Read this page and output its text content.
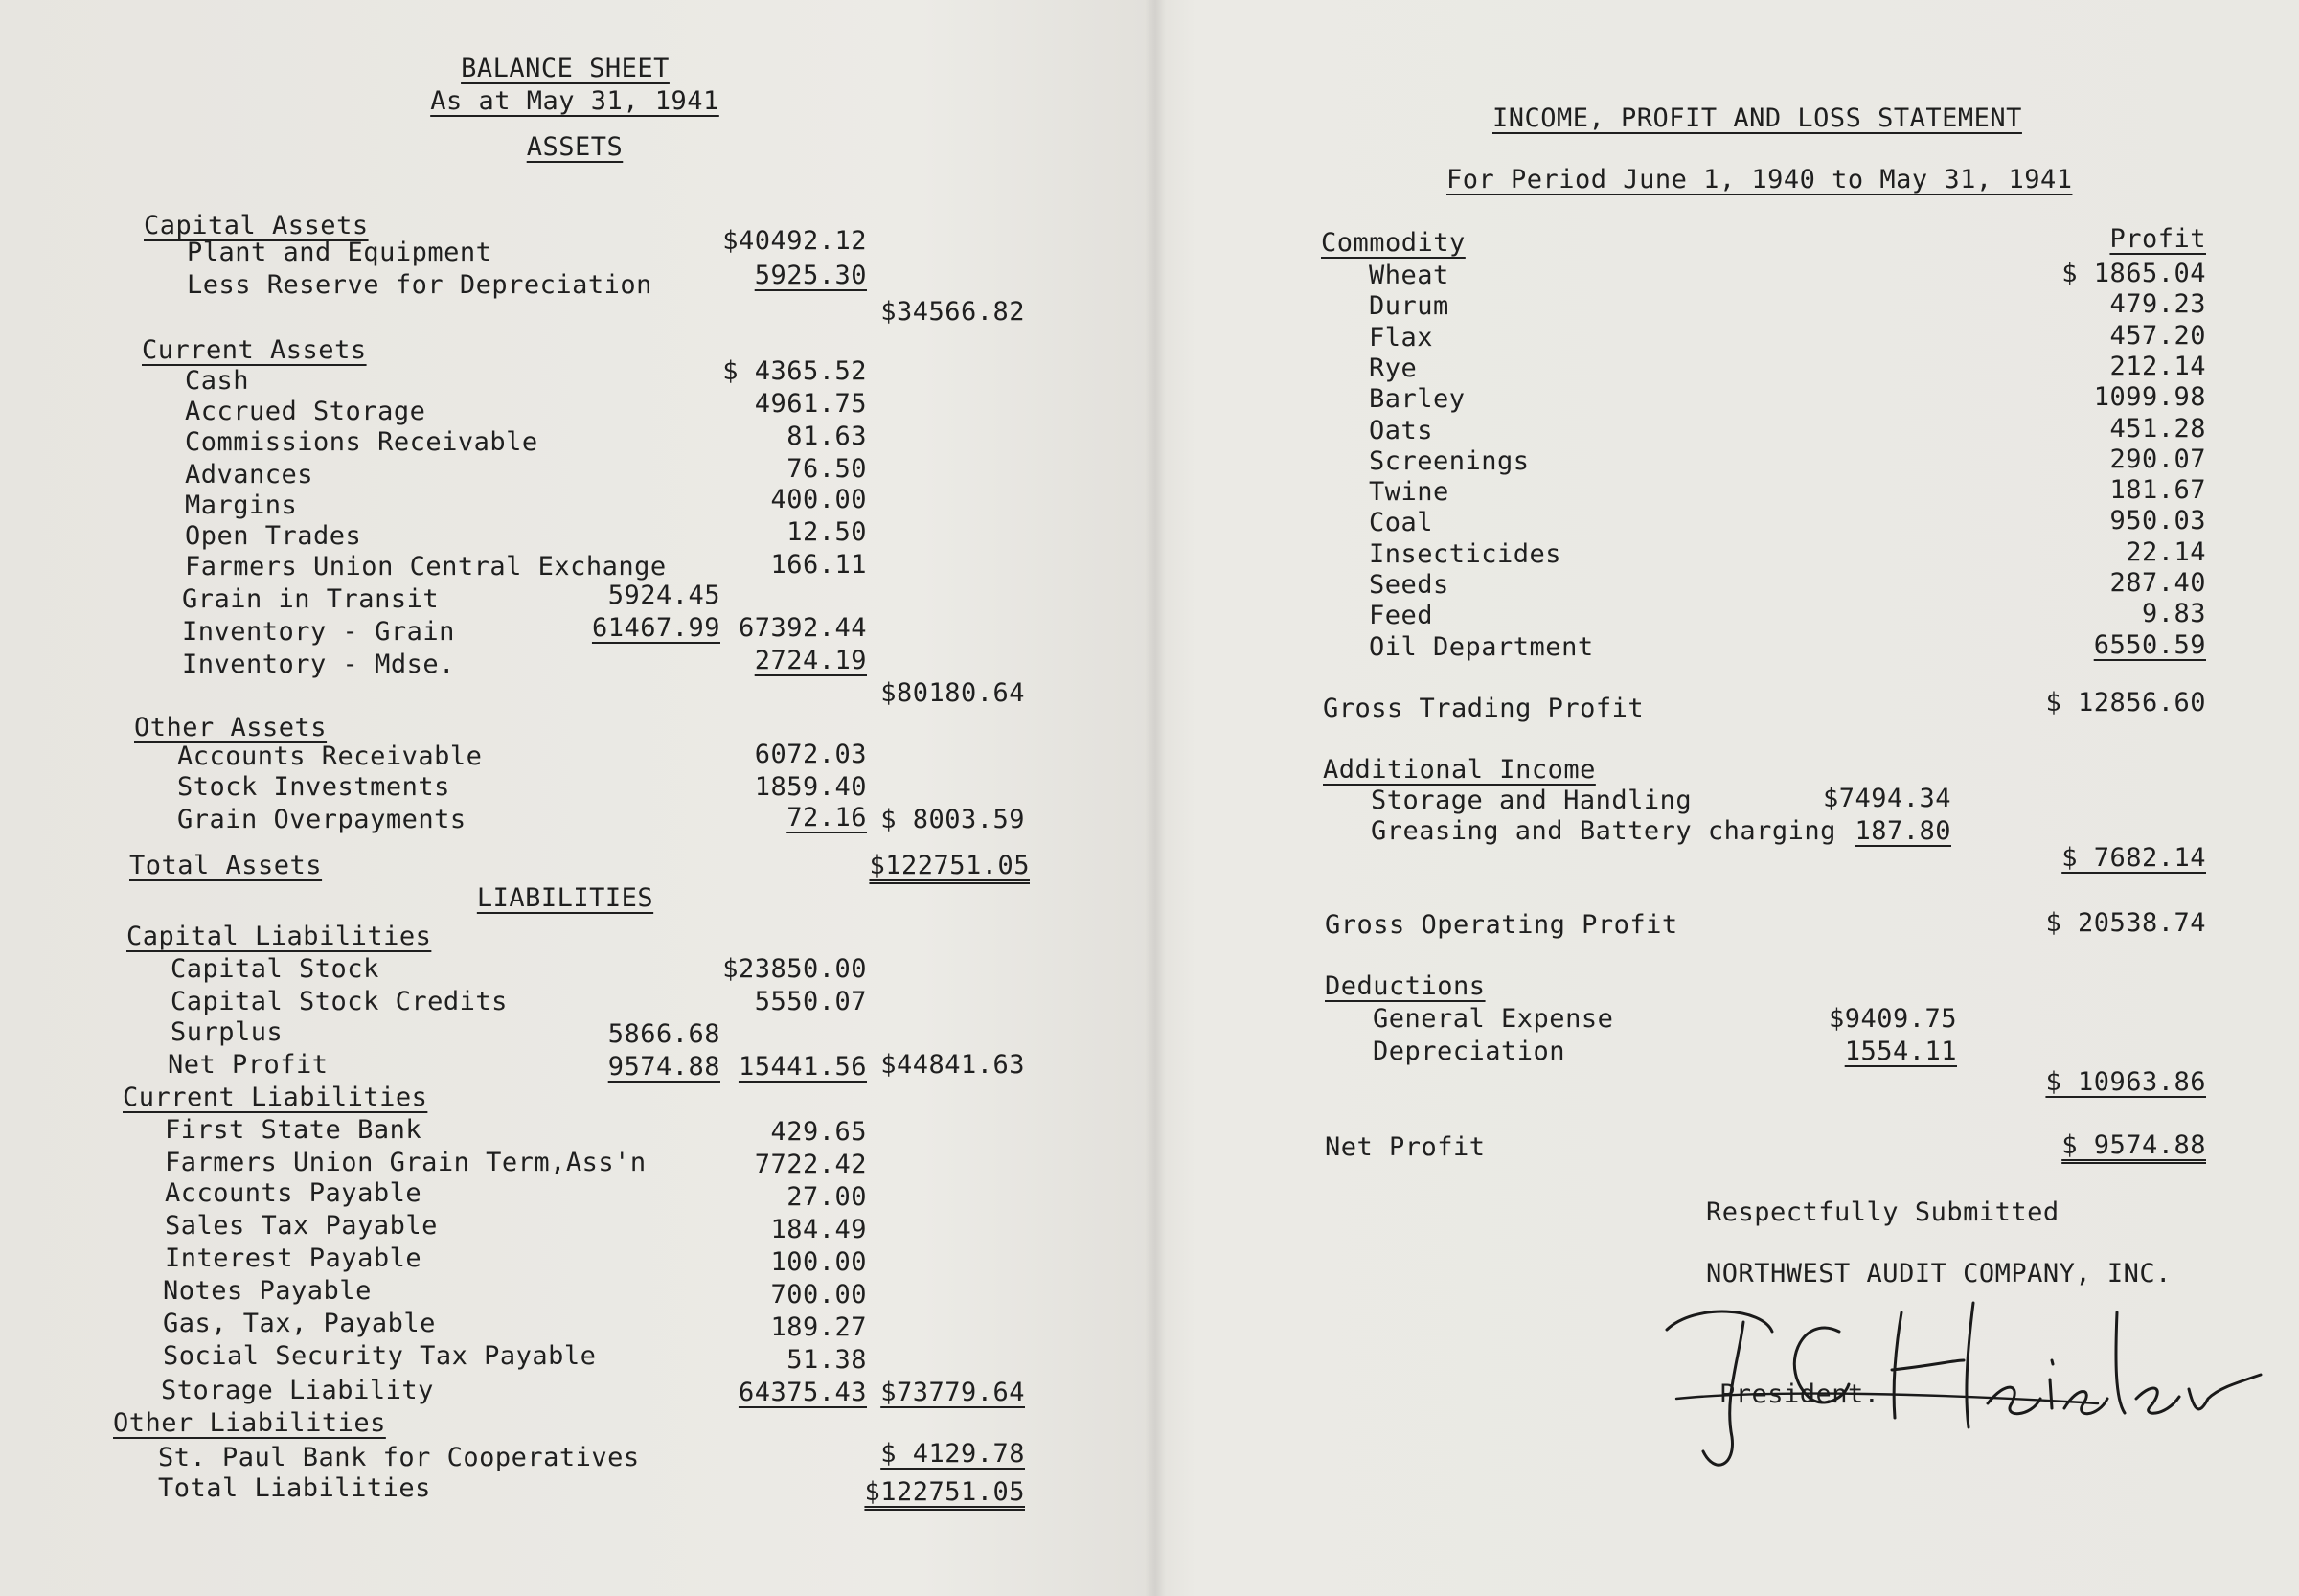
BALANCE SHEET
As at May 31, 1941
ASSETS
Capital Assets
Plant and Equipment	$40492.12
Less Reserve for Depreciation	5925.30
$34566.82
Current Assets
Cash	$ 4365.52
Accrued Storage	4961.75
Commissions Receivable	81.63
Advances	76.50
Margins	400.00
Open Trades	12.50
Farmers Union Central Exchange	166.11
Grain in Transit	5924.45
Inventory - Grain	61467.99 67392.44
Inventory - Mdse.	2724.19
$80180.64
Other Assets
Accounts Receivable	6072.03
Stock Investments	1859.40
Grain Overpayments	72.16 $ 8003.59
Total Assets	$122751.05
LIABILITIES
Capital Liabilities
Capital Stock	$23850.00
Capital Stock Credits	5550.07
Surplus	5866.68
Net Profit	9574.88 15441.56 $44841.63
Current Liabilities
First State Bank	429.65
Farmers Union Grain Term,Ass'n	7722.42
Accounts Payable	27.00
Sales Tax Payable	184.49
Interest Payable	100.00
Notes Payable	700.00
Gas, Tax, Payable	189.27
Social Security Tax Payable	51.38
Storage Liability	64375.43 $73779.64
Other Liabilities
St. Paul Bank for Cooperatives	$ 4129.78
Total Liabilities	$122751.05
INCOME, PROFIT AND LOSS STATEMENT
For Period June 1, 1940 to May 31, 1941
Commodity	Profit
Wheat	$ 1865.04
Durum	479.23
Flax	457.20
Rye	212.14
Barley	1099.98
Oats	451.28
Screenings	290.07
Twine	181.67
Coal	950.03
Insecticides	22.14
Seeds	287.40
Feed	9.83
Oil Department	6550.59
Gross Trading Profit	$ 12856.60
Additional Income
Storage and Handling	$7494.34
Greasing and Battery charging 187.80
$ 7682.14
Gross Operating Profit	$ 20538.74
Deductions
General Expense	$9409.75
Depreciation	1554.11
$ 10963.86
Net Profit	$ 9574.88
Respectfully Submitted
NORTHWEST AUDIT COMPANY, INC.
President.
